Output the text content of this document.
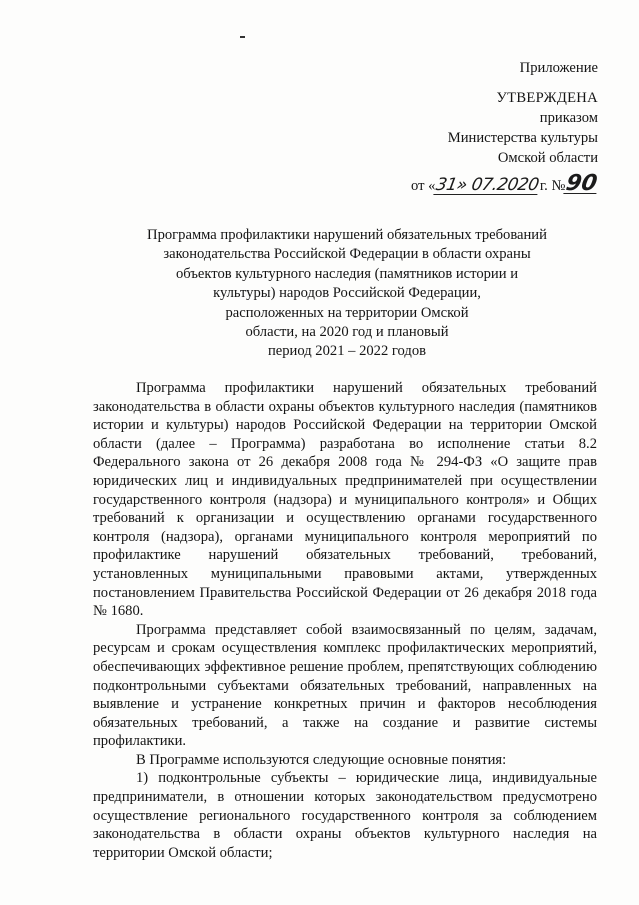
Приложение
УТВЕРЖДЕНА
приказом
Министерства культуры
Омской области
от «31» 07.2020г. №90
Программа профилактики нарушений обязательных требований
законодательства Российской Федерации в области охраны
объектов культурного наследия (памятников истории и
культуры) народов Российской Федерации,
расположенных на территории Омской
области, на 2020 год и плановый
период 2021 – 2022 годов

Программа профилактики нарушений обязательных требований законодательства в области охраны объектов культурного наследия (памятников истории и культуры) народов Российской Федерации на территории Омской области (далее – Программа) разработана во исполнение статьи 8.2 Федерального закона от 26 декабря 2008 года № 294-ФЗ «О защите прав юридических лиц и индивидуальных предпринимателей при осуществлении государственного контроля (надзора) и муниципального контроля» и Общих требований к организации и осуществлению органами государственного контроля (надзора), органами муниципального контроля мероприятий по профилактике нарушений обязательных требований, требований, установленных муниципальными правовыми актами, утвержденных постановлением Правительства Российской Федерации от 26 декабря 2018 года № 1680.

Программа представляет собой взаимосвязанный по целям, задачам, ресурсам и срокам осуществления комплекс профилактических мероприятий, обеспечивающих эффективное решение проблем, препятствующих соблюдению подконтрольными субъектами обязательных требований, направленных на выявление и устранение конкретных причин и факторов несоблюдения обязательных требований, а также на создание и развитие системы профилактики.

В Программе используются следующие основные понятия:

1) подконтрольные субъекты – юридические лица, индивидуальные предприниматели, в отношении которых законодательством предусмотрено осуществление регионального государственного контроля за соблюдением законодательства в области охраны объектов культурного наследия на территории Омской области;
